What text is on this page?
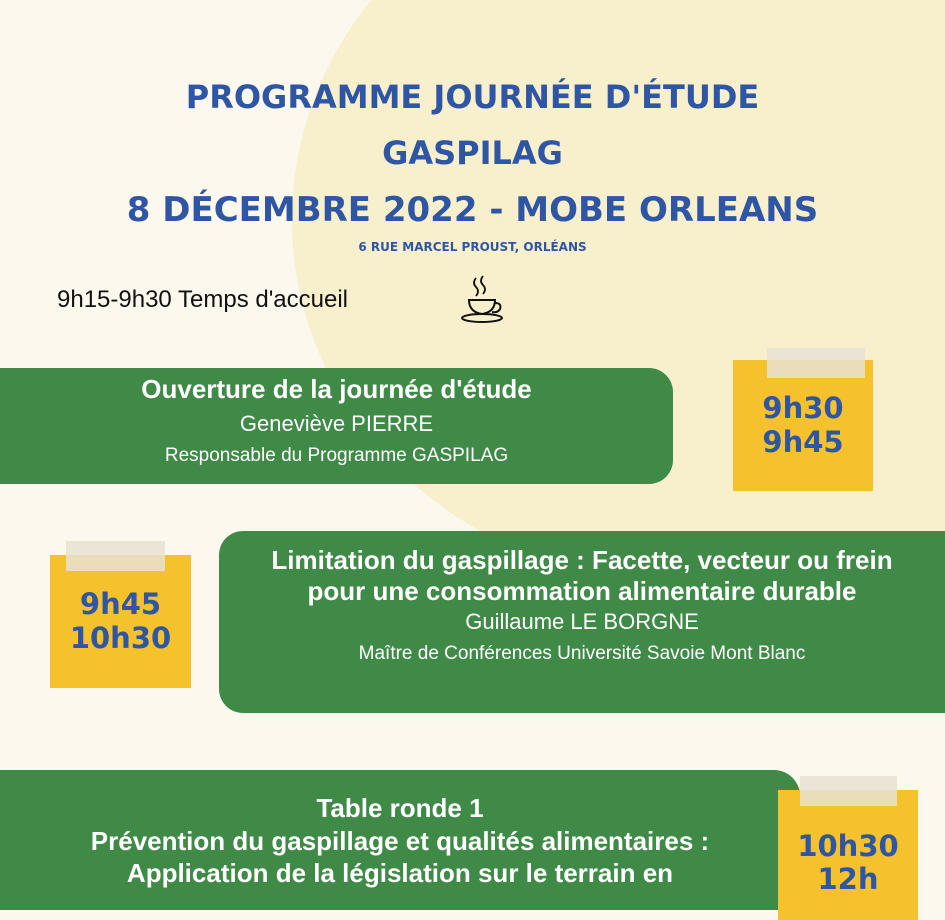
PROGRAMME JOURNÉE D'ÉTUDE
GASPILAG
8 DÉCEMBRE 2022 - MOBE ORLEANS
6 RUE MARCEL PROUST, ORLÉANS
9h15-9h30 Temps d'accueil
Ouverture de la journée d'étude
Geneviève PIERRE
Responsable du Programme GASPILAG
9h30
9h45
9h45
10h30
Limitation du gaspillage : Facette, vecteur ou frein
pour une consommation alimentaire durable
Guillaume LE BORGNE
Maître de Conférences Université Savoie Mont Blanc
Table ronde 1
Prévention du gaspillage et qualités alimentaires :
Application de la législation sur le terrain en
10h30
12h
